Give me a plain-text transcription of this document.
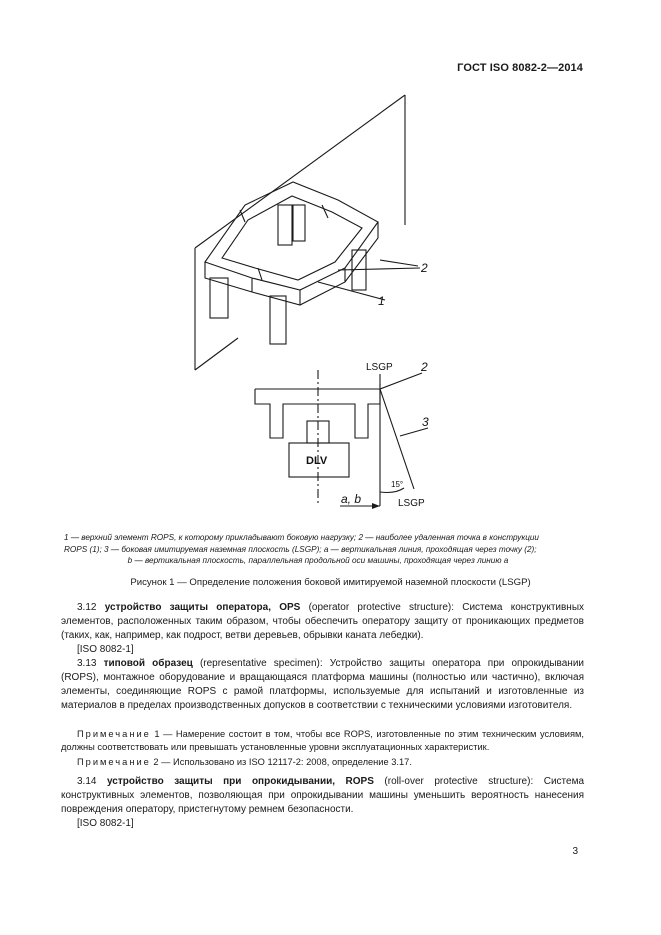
ГОСТ ISO 8082-2—2014
2
1
LSGP 2
3
DLV
15°
LSGP
a, b
1 — верхний элемент ROPS, к которому прикладывают боковую нагрузку; 2 — наиболее удаленная точка в конструкции
ROPS (1); 3 — боковая имитируемая наземная плоскость (LSGP); a — вертикальная линия, проходящая через точку (2);
b — вертикальная плоскость, параллельная продольной оси машины, проходящая через линию a
Рисунок 1 — Определение положения боковой имитируемой наземной плоскости (LSGP)

3.12 устройство защиты оператора, OPS (operator protective structure): Система конструктивных элементов, расположенных таким образом, чтобы обеспечить оператору защиту от проникающих предметов (таких, как, например, как подрост, ветви деревьев, обрывки каната лебедки).

[ISO 8082-1]

3.13 типовой образец (representative specimen): Устройство защиты оператора при опрокидывании (ROPS), монтажное оборудование и вращающаяся платформа машины (полностью или частично), включая элементы, соединяющие ROPS с рамой платформы, используемые для испытаний и изготовленные из материалов в пределах производственных допусков в соответствии с техническими условиями изготовителя.

Примечание 1 — Намерение состоит в том, чтобы все ROPS, изготовленные по этим техническим условиям, должны соответствовать или превышать установленные уровни эксплуатационных характеристик.

Примечание 2 — Использовано из ISO 12117-2: 2008, определение 3.17.

3.14 устройство защиты при опрокидывании, ROPS (roll-over protective structure): Система конструктивных элементов, позволяющая при опрокидывании машины уменьшить вероятность нанесения повреждения оператору, пристегнутому ремнем безопасности.

[ISO 8082-1]

3
